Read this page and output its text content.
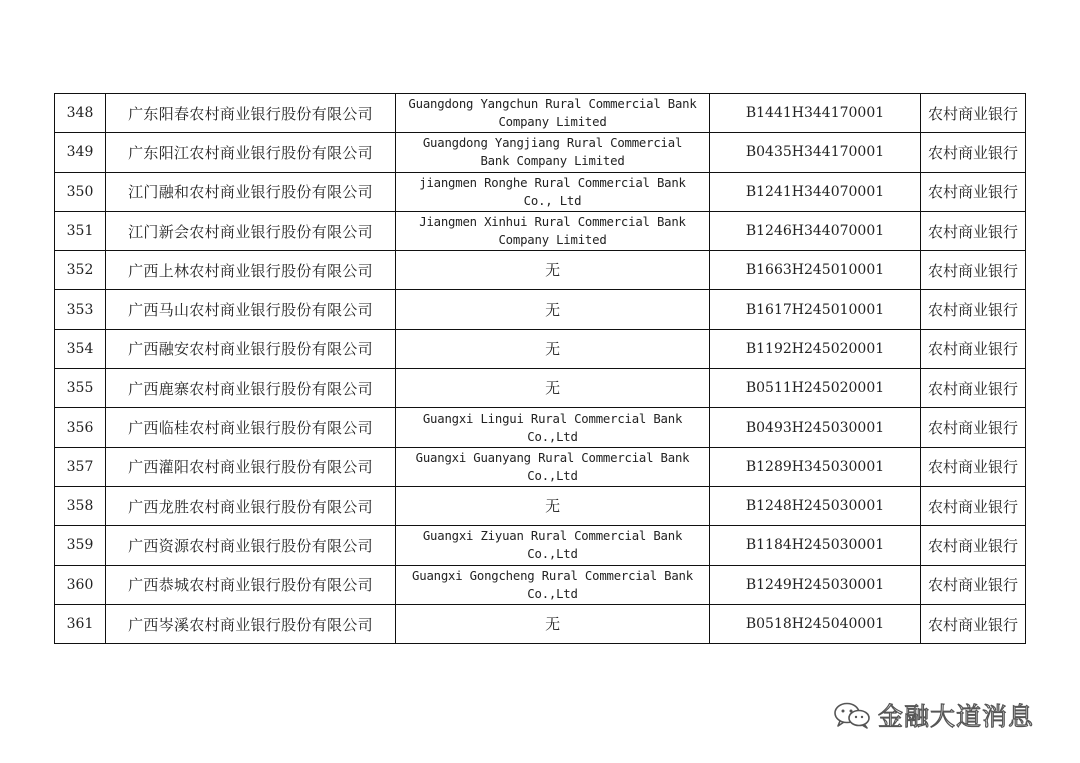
348	广东阳春农村商业银行股份有限公司	Guangdong Yangchun Rural Commercial Bank
Company Limited	B1441H344170001	农村商业银行
349	广东阳江农村商业银行股份有限公司	Guangdong Yangjiang Rural Commercial
Bank Company Limited	B0435H344170001	农村商业银行
350	江门融和农村商业银行股份有限公司	jiangmen Ronghe Rural Commercial Bank
Co., Ltd	B1241H344070001	农村商业银行
351	江门新会农村商业银行股份有限公司	Jiangmen Xinhui Rural Commercial Bank
Company Limited	B1246H344070001	农村商业银行
352	广西上林农村商业银行股份有限公司	无	B1663H245010001	农村商业银行
353	广西马山农村商业银行股份有限公司	无	B1617H245010001	农村商业银行
354	广西融安农村商业银行股份有限公司	无	B1192H245020001	农村商业银行
355	广西鹿寨农村商业银行股份有限公司	无	B0511H245020001	农村商业银行
356	广西临桂农村商业银行股份有限公司	Guangxi Lingui Rural Commercial Bank
Co.,Ltd	B0493H245030001	农村商业银行
357	广西灌阳农村商业银行股份有限公司	Guangxi Guanyang Rural Commercial Bank
Co.,Ltd	B1289H345030001	农村商业银行
358	广西龙胜农村商业银行股份有限公司	无	B1248H245030001	农村商业银行
359	广西资源农村商业银行股份有限公司	Guangxi Ziyuan Rural Commercial Bank
Co.,Ltd	B1184H245030001	农村商业银行
360	广西恭城农村商业银行股份有限公司	Guangxi Gongcheng Rural Commercial Bank
Co.,Ltd	B1249H245030001	农村商业银行
361	广西岑溪农村商业银行股份有限公司	无	B0518H245040001	农村商业银行
金融大道消息
